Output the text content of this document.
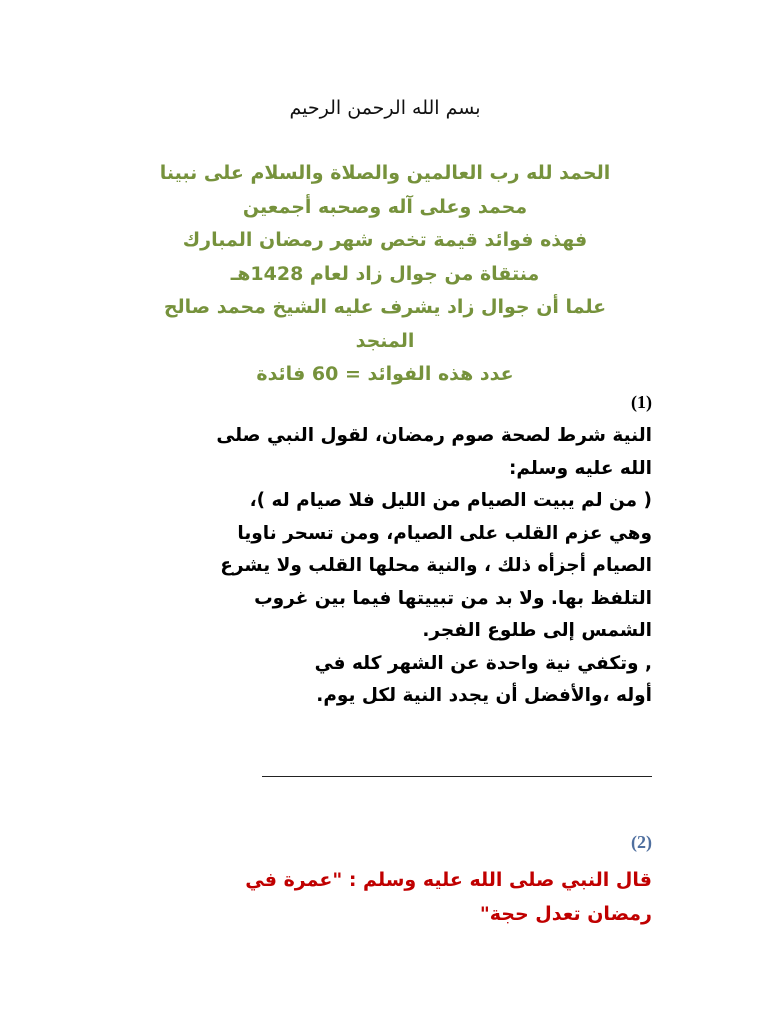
بسم الله الرحمن الرحيم
الحمد لله رب العالمين والصلاة والسلام على نبينا
محمد وعلى آله وصحبه أجمعين
فهذه فوائد قيمة تخص شهر رمضان المبارك
منتقاة من جوال زاد لعام 1428هـ
علما أن جوال زاد يشرف عليه الشيخ محمد صالح
المنجد
عدد هذه الفوائد = 60 فائدة
(1)
النية شرط لصحة صوم رمضان، لقول النبي صلى
الله عليه وسلم:
( من لم يبيت الصيام من الليل فلا صيام له )،
وهي عزم القلب على الصيام، ومن تسحر ناويا
الصيام أجزأه ذلك ، والنية محلها القلب ولا يشرع
التلفظ بها. ولا بد من تبييتها فيما بين غروب
الشمس إلى طلوع الفجر.
, وتكفي نية واحدة عن الشهر كله في
أوله ،والأفضل أن يجدد النية لكل يوم.
(2)
قال النبي صلى الله عليه وسلم : "عمرة في
رمضان تعدل حجة"
